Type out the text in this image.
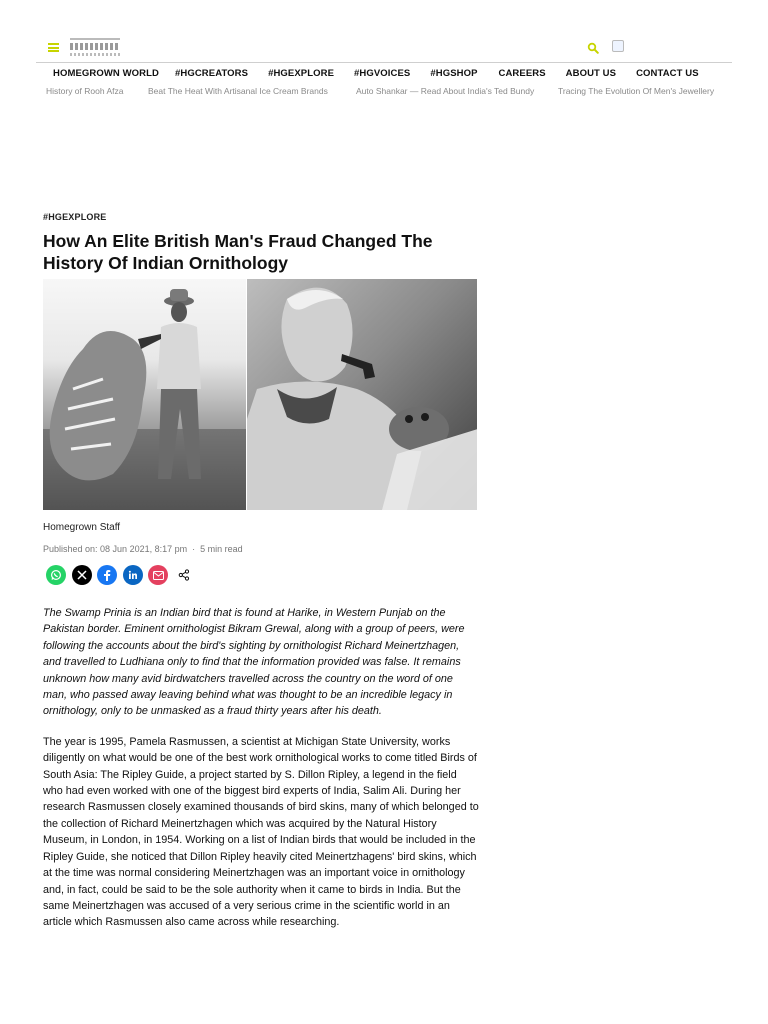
HOMEGROWN WORLD #HGCREATORS #HGEXPLORE #HGVOICES #HGSHOP CAREERS ABOUT US CONTACT US
History of Rooh Afza	Beat The Heat With Artisanal Ice Cream Brands	Auto Shankar — Read About India's Ted Bundy	Tracing The Evolution Of Men's Jewellery
#HGEXPLORE
How An Elite British Man's Fraud Changed The History Of Indian Ornithology
Homegrown Staff
Published on: 08 Jun 2021, 8:17 pm · 5 min read

The Swamp Prinia is an Indian bird that is found at Harike, in Western Punjab on the Pakistan border. Eminent ornithologist Bikram Grewal, along with a group of peers, were following the accounts about the bird's sighting by ornithologist Richard Meinertzhagen, and travelled to Ludhiana only to find that the information provided was false. It remains unknown how many avid birdwatchers travelled across the country on the word of one man, who passed away leaving behind what was thought to be an incredible legacy in ornithology, only to be unmasked as a fraud thirty years after his death.

The year is 1995, Pamela Rasmussen, a scientist at Michigan State University, works diligently on what would be one of the best work ornithological works to come titled Birds of South Asia: The Ripley Guide, a project started by S. Dillon Ripley, a legend in the field who had even worked with one of the biggest bird experts of India, Salim Ali. During her research Rasmussen closely examined thousands of bird skins, many of which belonged to the collection of Richard Meinertzhagen which was acquired by the Natural History Museum, in London, in 1954. Working on a list of Indian birds that would be included in the Ripley Guide, she noticed that Dillon Ripley heavily cited Meinertzhagens' bird skins, which at the time was normal considering Meinertzhagen was an important voice in ornithology and, in fact, could be said to be the sole authority when it came to birds in India. But the same Meinertzhagen was accused of a very serious crime in the scientific world in an article which Rasmussen also came across while researching.
